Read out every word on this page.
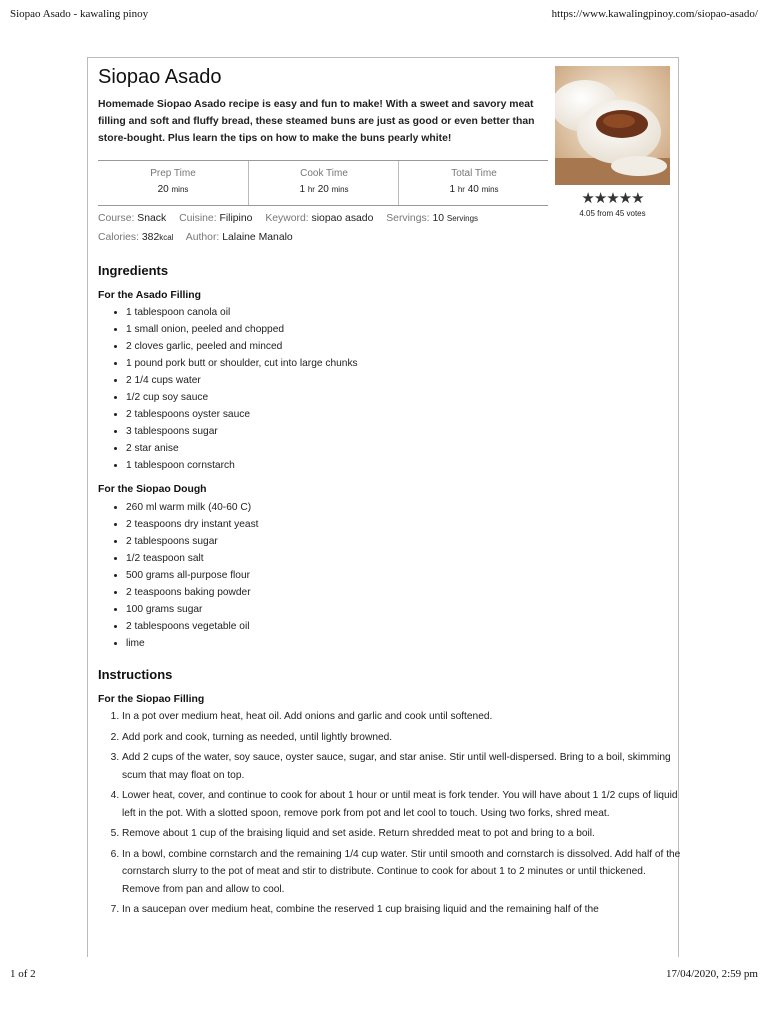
Siopao Asado - kawaling pinoy	https://www.kawalingpinoy.com/siopao-asado/
Siopao Asado

Homemade Siopao Asado recipe is easy and fun to make! With a sweet and savory meat filling and soft and fluffy bread, these steamed buns are just as good or even better than store-bought. Plus learn the tips on how to make the buns pearly white!

★★★★★
4.05 from 45 votes
Prep Time
20 mins
Cook Time
1 hr 20 mins
Total Time
1 hr 40 mins
Course: Snack Cuisine: Filipino Keyword: siopao asado Servings: 10 Servings
Calories: 382kcal Author: Lalaine Manalo
Ingredients
For the Asado Filling
• 1 tablespoon canola oil
• 1 small onion, peeled and chopped
• 2 cloves garlic, peeled and minced
• 1 pound pork butt or shoulder, cut into large chunks
• 2 1/4 cups water
• 1/2 cup soy sauce
• 2 tablespoons oyster sauce
• 3 tablespoons sugar
• 2 star anise
• 1 tablespoon cornstarch
For the Siopao Dough
• 260 ml warm milk (40-60 C)
• 2 teaspoons dry instant yeast
• 2 tablespoons sugar
• 1/2 teaspoon salt
• 500 grams all-purpose flour
• 2 teaspoons baking powder
• 100 grams sugar
• 2 tablespoons vegetable oil
• lime
Instructions
For the Siopao Filling
1. In a pot over medium heat, heat oil. Add onions and garlic and cook until softened.
2. Add pork and cook, turning as needed, until lightly browned.
3. Add 2 cups of the water, soy sauce, oyster sauce, sugar, and star anise. Stir until well-dispersed. Bring to a boil, skimming scum that may float on top.
4. Lower heat, cover, and continue to cook for about 1 hour or until meat is fork tender. You will have about 1 1/2 cups of liquid left in the pot. With a slotted spoon, remove pork from pot and let cool to touch. Using two forks, shred meat.
5. Remove about 1 cup of the braising liquid and set aside. Return shredded meat to pot and bring to a boil.
6. In a bowl, combine cornstarch and the remaining 1/4 cup water. Stir until smooth and cornstarch is dissolved. Add half of the cornstarch slurry to the pot of meat and stir to distribute. Continue to cook for about 1 to 2 minutes or until thickened. Remove from pan and allow to cool.
7. In a saucepan over medium heat, combine the reserved 1 cup braising liquid and the remaining half of the
1 of 2	17/04/2020, 2:59 pm
